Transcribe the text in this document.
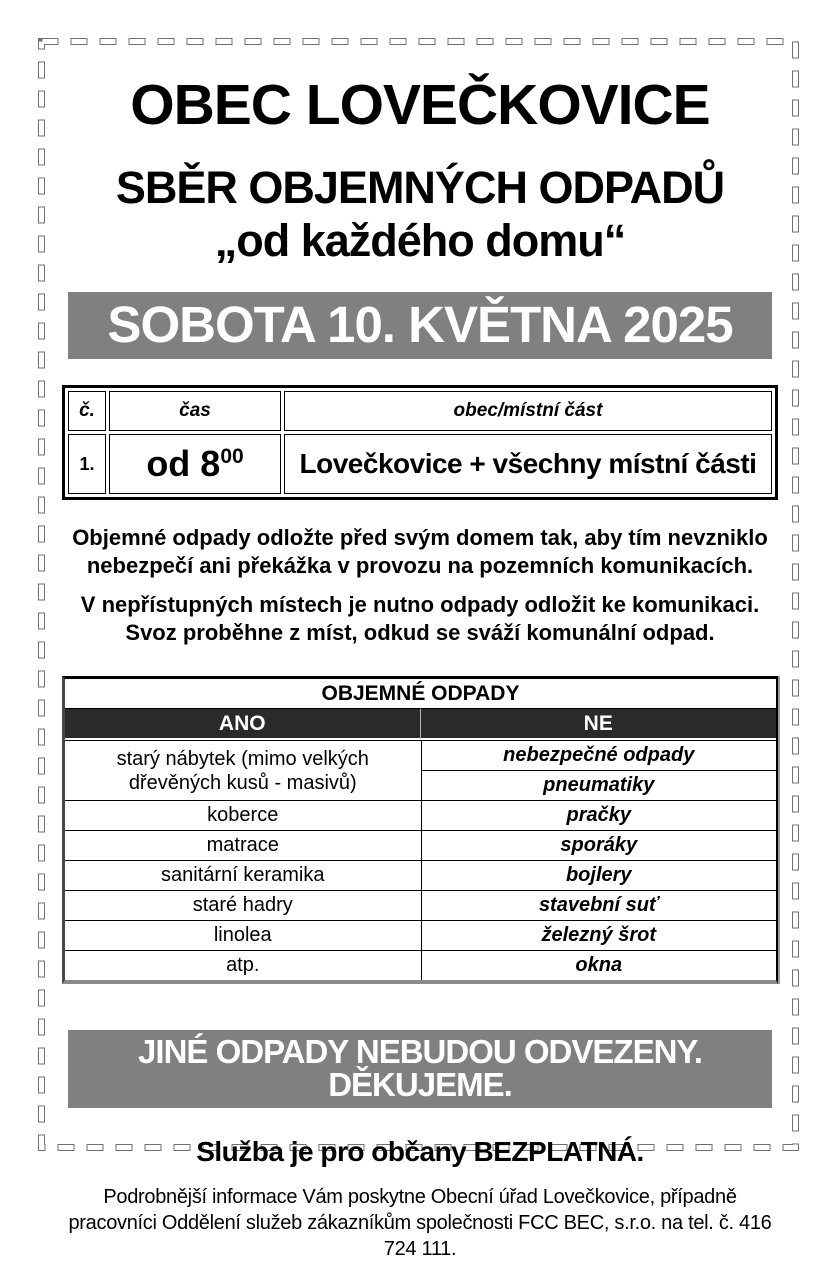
OBEC LOVEČKOVICE
SBĚR OBJEMNÝCH ODPADŮ
„od každého domu“
SOBOTA 10. KVĚTNA 2025
č.	čas	obec/místní část
1.	od $8^{00}$	Lovečkovice + všechny místní části

Objemné odpady odložte před svým domem tak, aby tím nevzniklo nebezpečí ani překážka v provozu na pozemních komunikacích.

V nepřístupných místech je nutno odpady odložit ke komunikaci. Svoz proběhne z míst, odkud se sváží komunální odpad.

OBJEMNÉ ODPADY	
ANO	NE
starý nábytek (mimo velkých dřevěných kusů - masivů)	nebezpečné odpady
	pneumatiky
koberce	pračky
matrace	sporáky
sanitární keramika	bojlery
staré hadry	stavební suť
linolea	železný šrot
atp.	okna
JINÉ ODPADY NEBUDOU ODVEZENY. DĚKUJEME.

Služba je pro občany BEZPLATNÁ.

Podrobnější informace Vám poskytne Obecní úřad Lovečkovice, případně pracovníci Oddělení služeb zákazníkům společnosti FCC BEC, s.r.o. na tel. č. 416 724 111.
